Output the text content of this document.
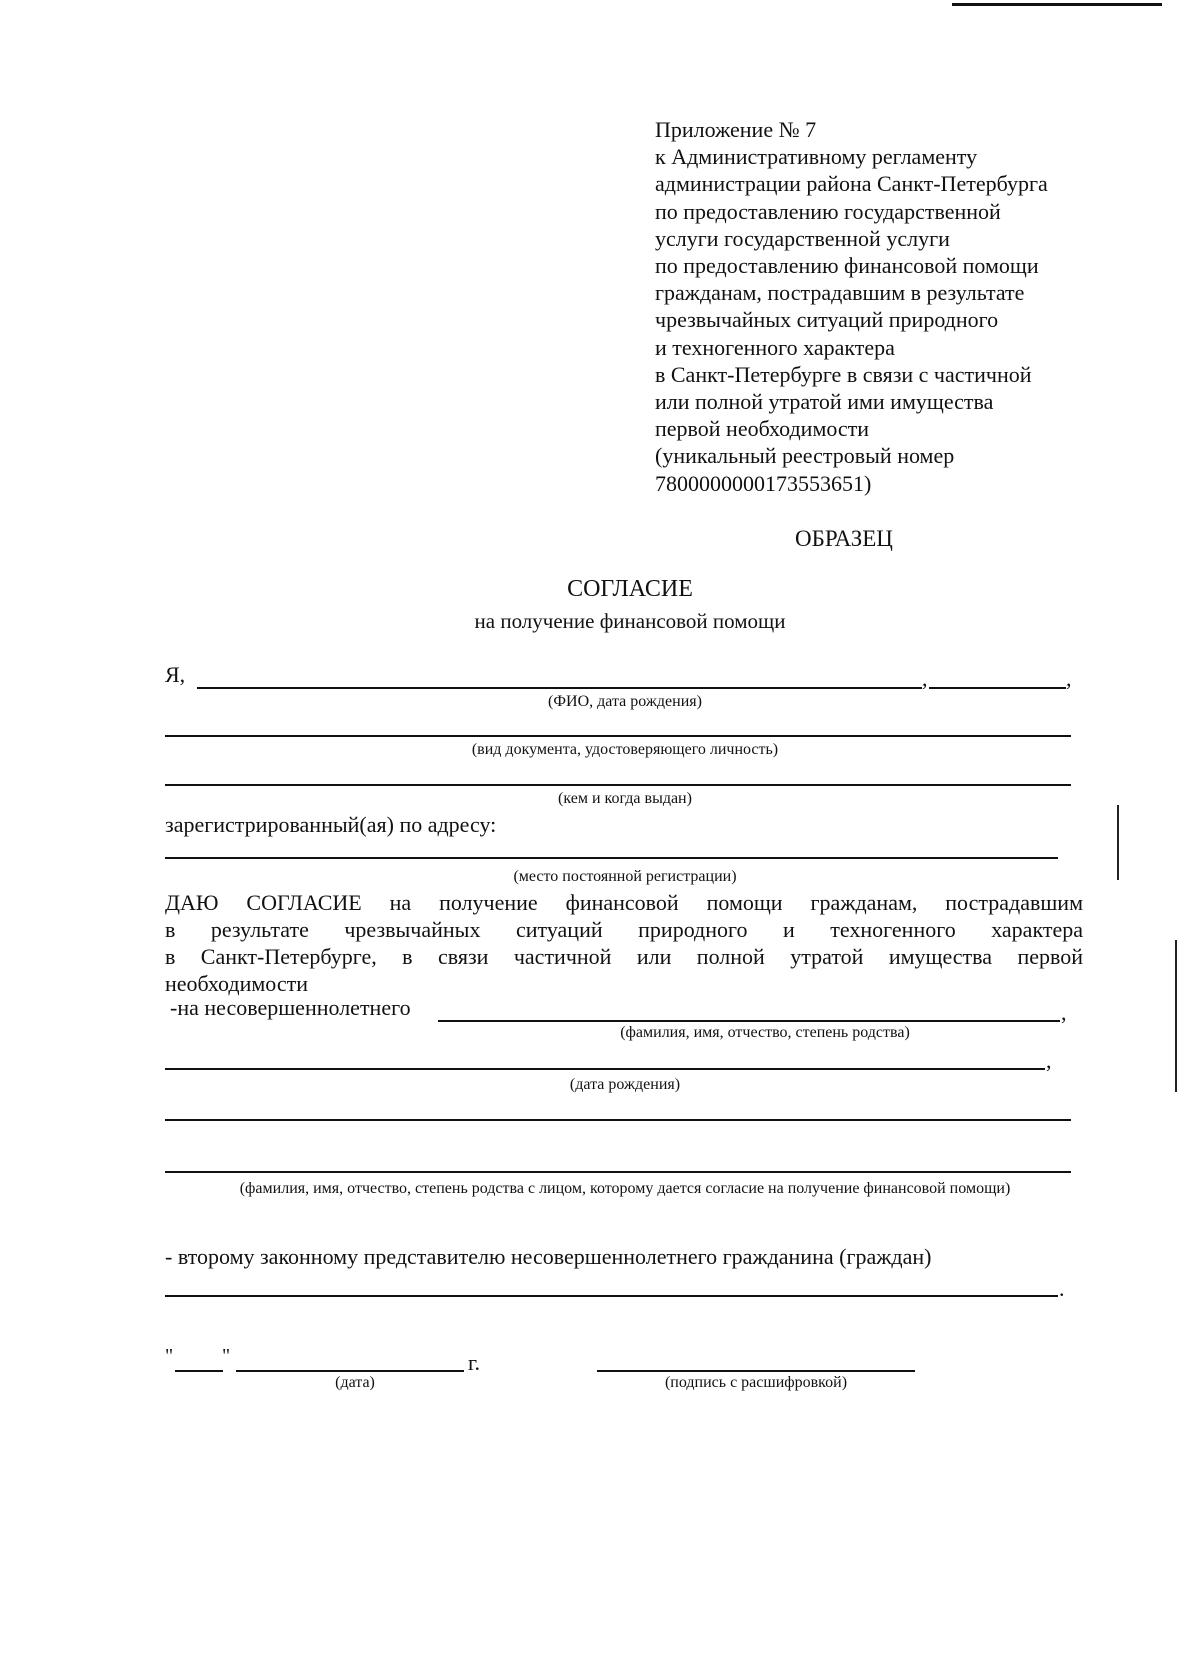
Приложение № 7
к Административному регламенту
администрации района Санкт-Петербурга
по предоставлению государственной
услуги государственной услуги
по предоставлению финансовой помощи
гражданам, пострадавшим в результате
чрезвычайных ситуаций природного
и техногенного характера
в Санкт-Петербурге в связи с частичной
или полной утратой ими имущества
первой необходимости
(уникальный реестровый номер
7800000000173553651)
ОБРАЗЕЦ
СОГЛАСИЕ
на получение финансовой помощи
Я,	,	,
(ФИО, дата рождения)
(вид документа, удостоверяющего личность)
(кем и когда выдан)
зарегистрированный(ая) по адресу:
(место постоянной регистрации)
ДАЮ СОГЛАСИЕ на получение финансовой помощи гражданам, пострадавшим
в результате чрезвычайных ситуаций природного и техногенного характера
в Санкт-Петербурге, в связи частичной или полной утратой имущества первой
необходимости
-на несовершеннолетнего	,
(фамилия, имя, отчество, степень родства)
,
(дата рождения)
(фамилия, имя, отчество, степень родства с лицом, которому дается согласие на получение финансовой помощи)
- второму законному представителю несовершеннолетнего гражданина (граждан)
.
" "	г.
(дата)	(подпись с расшифровкой)
